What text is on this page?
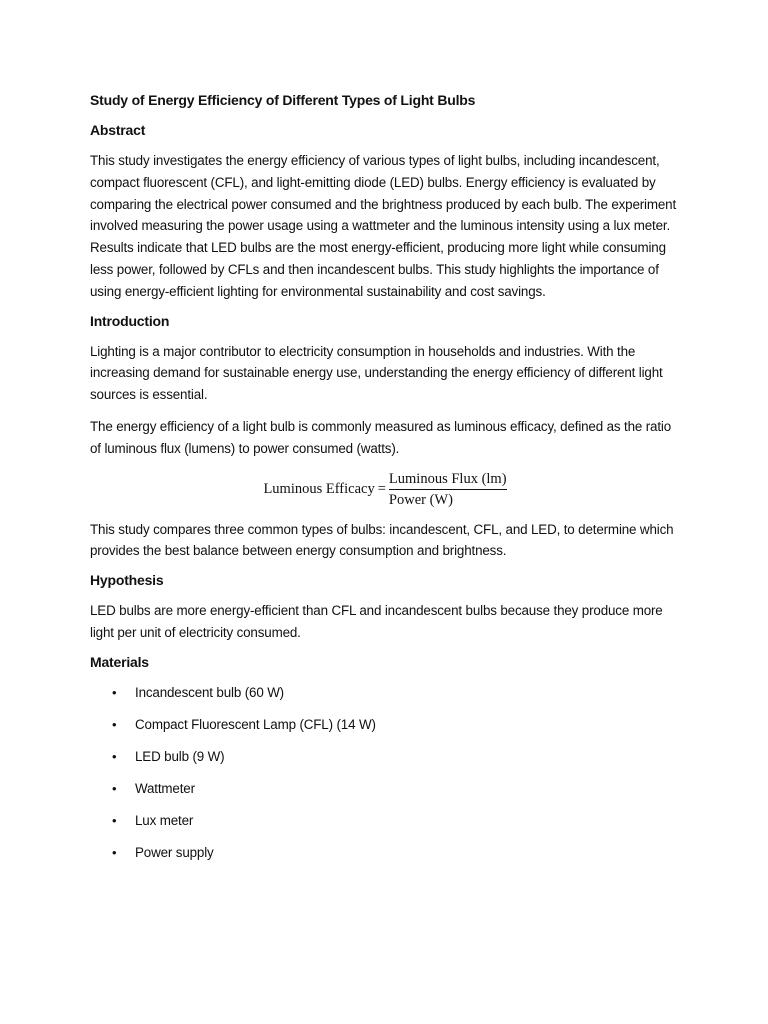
Study of Energy Efficiency of Different Types of Light Bulbs
Abstract

This study investigates the energy efficiency of various types of light bulbs, including incandescent, compact fluorescent (CFL), and light-emitting diode (LED) bulbs. Energy efficiency is evaluated by comparing the electrical power consumed and the brightness produced by each bulb. The experiment involved measuring the power usage using a wattmeter and the luminous intensity using a lux meter. Results indicate that LED bulbs are the most energy-efficient, producing more light while consuming less power, followed by CFLs and then incandescent bulbs. This study highlights the importance of using energy-efficient lighting for environmental sustainability and cost savings.

Introduction

Lighting is a major contributor to electricity consumption in households and industries. With the increasing demand for sustainable energy use, understanding the energy efficiency of different light sources is essential.

The energy efficiency of a light bulb is commonly measured as luminous efficacy, defined as the ratio of luminous flux (lumens) to power consumed (watts).

Luminous Efficacy = $\frac{\text{Luminous Flux (lm)}}{\text{Power (W)}}$

This study compares three common types of bulbs: incandescent, CFL, and LED, to determine which provides the best balance between energy consumption and brightness.

Hypothesis

LED bulbs are more energy-efficient than CFL and incandescent bulbs because they produce more light per unit of electricity consumed.

Materials
• Incandescent bulb (60 W)
• Compact Fluorescent Lamp (CFL) (14 W)
• LED bulb (9 W)
• Wattmeter
• Lux meter
• Power supply
